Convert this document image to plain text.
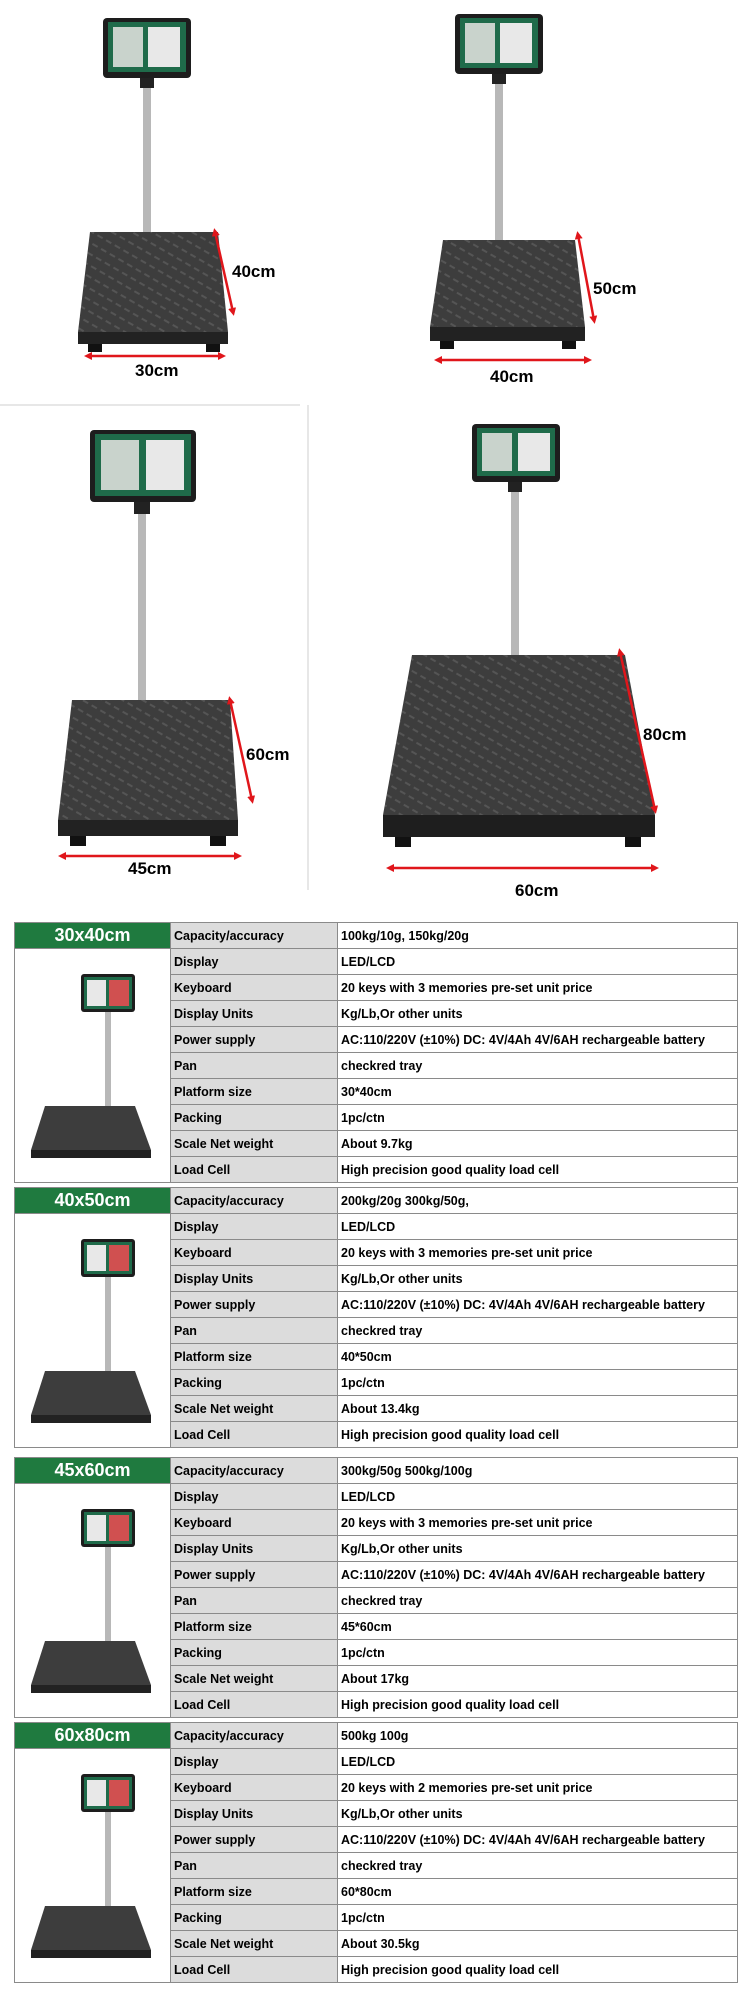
40cm
30cm
50cm
40cm
60cm
45cm
80cm
60cm
30x40cm	Capacity/accuracy	100kg/10g, 150kg/20g

	Display	LED/LCD
	Keyboard	20 keys with 3 memories pre-set unit price
	Display Units	Kg/Lb,Or other units
	Power supply	AC:110/220V (±10%) DC: 4V/4Ah 4V/6AH rechargeable battery
	Pan	checkred tray
	Platform size	30*40cm
	Packing	1pc/ctn
	Scale Net weight	About 9.7kg
	Load Cell	High precision good quality load cell
40x50cm	Capacity/accuracy	200kg/20g 300kg/50g,

	Display	LED/LCD
	Keyboard	20 keys with 3 memories pre-set unit price
	Display Units	Kg/Lb,Or other units
	Power supply	AC:110/220V (±10%) DC: 4V/4Ah 4V/6AH rechargeable battery
	Pan	checkred tray
	Platform size	40*50cm
	Packing	1pc/ctn
	Scale Net weight	About 13.4kg
	Load Cell	High precision good quality load cell
45x60cm	Capacity/accuracy	300kg/50g 500kg/100g

	Display	LED/LCD
	Keyboard	20 keys with 3 memories pre-set unit price
	Display Units	Kg/Lb,Or other units
	Power supply	AC:110/220V (±10%) DC: 4V/4Ah 4V/6AH rechargeable battery
	Pan	checkred tray
	Platform size	45*60cm
	Packing	1pc/ctn
	Scale Net weight	About 17kg
	Load Cell	High precision good quality load cell
60x80cm	Capacity/accuracy	500kg 100g

	Display	LED/LCD
	Keyboard	20 keys with 2 memories pre-set unit price
	Display Units	Kg/Lb,Or other units
	Power supply	AC:110/220V (±10%) DC: 4V/4Ah 4V/6AH rechargeable battery
	Pan	checkred tray
	Platform size	60*80cm
	Packing	1pc/ctn
	Scale Net weight	About 30.5kg
	Load Cell	High precision good quality load cell
